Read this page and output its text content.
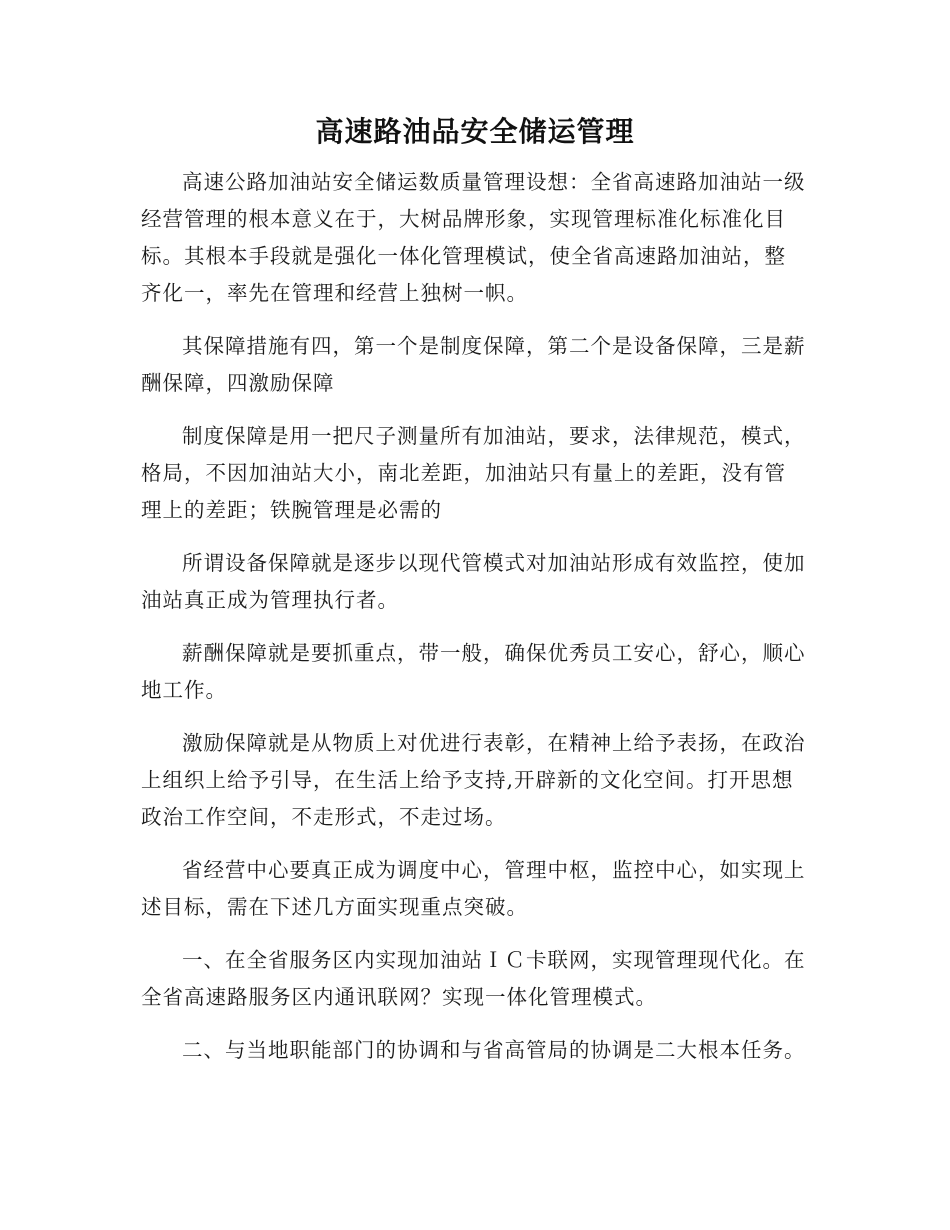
高速路油品安全储运管理

高速公路加油站安全储运数质量管理设想：全省高速路加油站一级经营管理的根本意义在于，大树品牌形象，实现管理标准化标准化目标。其根本手段就是强化一体化管理模试，使全省高速路加油站，整齐化一，率先在管理和经营上独树一帜。

其保障措施有四，第一个是制度保障，第二个是设备保障，三是薪酬保障，四激励保障

制度保障是用一把尺子测量所有加油站，要求，法律规范，模式，格局，不因加油站大小，南北差距，加油站只有量上的差距，没有管理上的差距；铁腕管理是必需的

所谓设备保障就是逐步以现代管模式对加油站形成有效监控，使加油站真正成为管理执行者。

薪酬保障就是要抓重点，带一般，确保优秀员工安心，舒心，顺心地工作。

激励保障就是从物质上对优进行表彰，在精神上给予表扬，在政治上组织上给予引导，在生活上给予支持,开辟新的文化空间。打开思想政治工作空间，不走形式，不走过场。

省经营中心要真正成为调度中心，管理中枢，监控中心，如实现上述目标，需在下述几方面实现重点突破。

一、在全省服务区内实现加油站ＩＣ卡联网，实现管理现代化。在全省高速路服务区内通讯联网？实现一体化管理模式。

二、与当地职能部门的协调和与省高管局的协调是二大根本任务。
